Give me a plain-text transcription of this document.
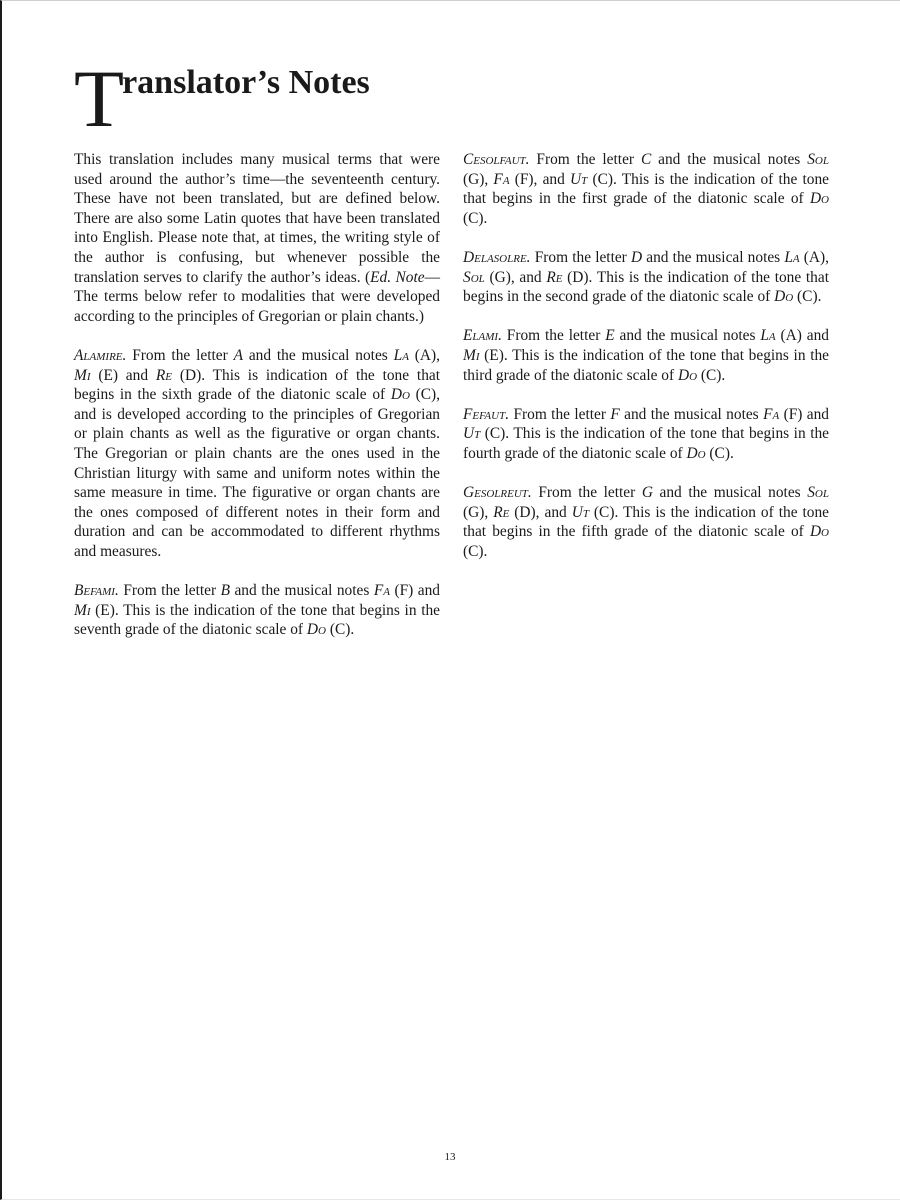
Translator’s Notes

This translation includes many musical terms that were used around the author’s time—the seventeenth century. These have not been translated, but are defined below. There are also some Latin quotes that have been translated into English. Please note that, at times, the writing style of the author is confusing, but whenever possible the translation serves to clarify the author’s ideas. (Ed. Note—The terms below refer to modalities that were developed according to the principles of Gregorian or plain chants.)

Alamire. From the letter A and the musical notes La (A), Mi (E) and Re (D). This is indication of the tone that begins in the sixth grade of the diatonic scale of Do (C), and is developed according to the principles of Gregorian or plain chants as well as the figurative or organ chants. The Gregorian or plain chants are the ones used in the Christian liturgy with same and uniform notes within the same measure in time. The figurative or organ chants are the ones composed of different notes in their form and duration and can be accommodated to different rhythms and measures.

Befami. From the letter B and the musical notes Fa (F) and Mi (E). This is the indication of the tone that begins in the seventh grade of the diatonic scale of Do (C).

Cesolfaut. From the letter C and the musical notes Sol (G), Fa (F), and Ut (C). This is the indication of the tone that begins in the first grade of the diatonic scale of Do (C).

Delasolre. From the letter D and the musical notes La (A), Sol (G), and Re (D). This is the indication of the tone that begins in the second grade of the diatonic scale of Do (C).

Elami. From the letter E and the musical notes La (A) and Mi (E). This is the indication of the tone that begins in the third grade of the diatonic scale of Do (C).

Fefaut. From the letter F and the musical notes Fa (F) and Ut (C). This is the indication of the tone that begins in the fourth grade of the diatonic scale of Do (C).

Gesolreut. From the letter G and the musical notes Sol (G), Re (D), and Ut (C). This is the indication of the tone that begins in the fifth grade of the diatonic scale of Do (C).

13
